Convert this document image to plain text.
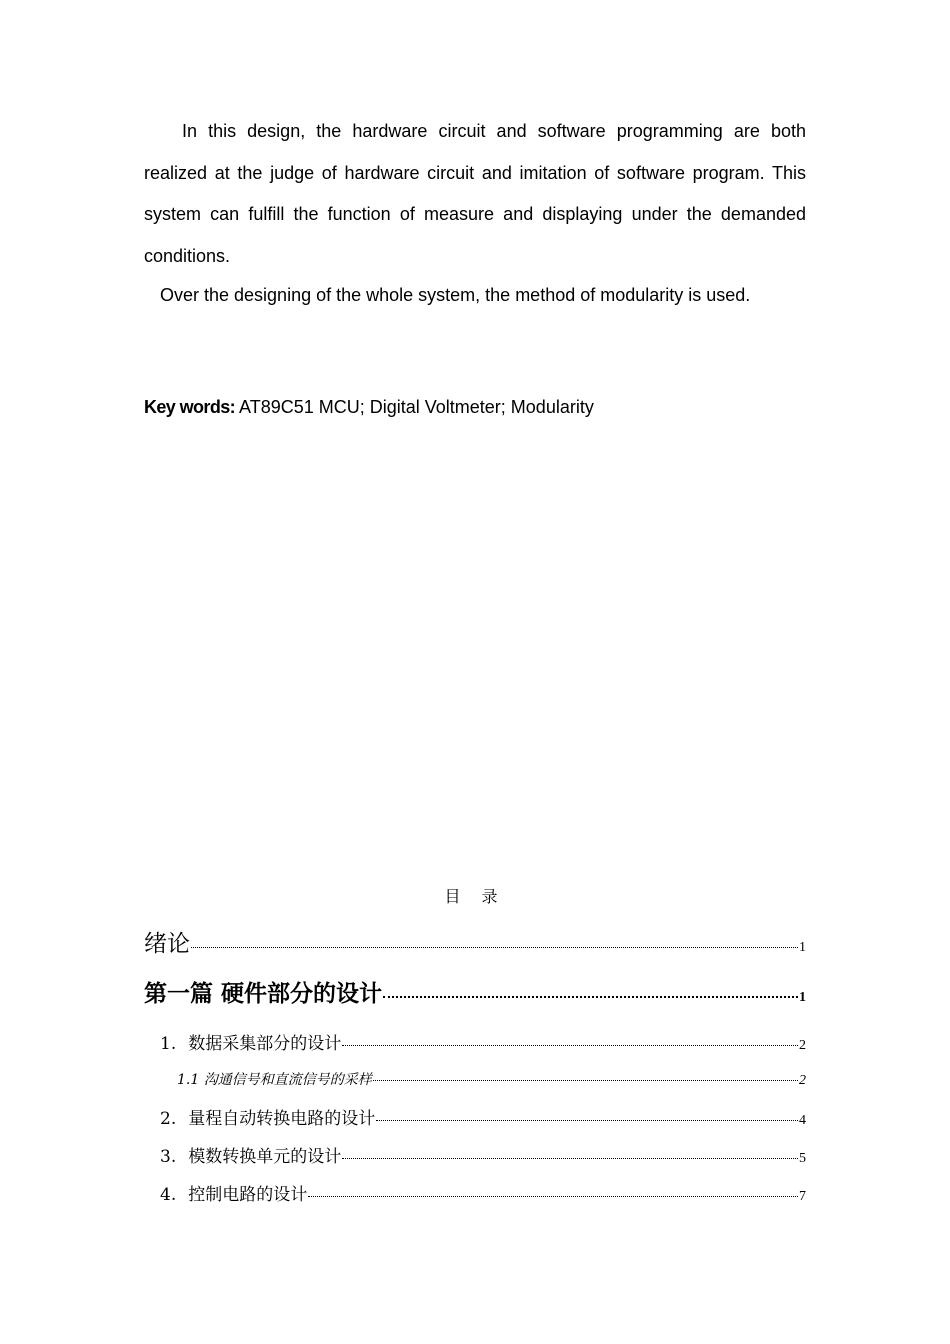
In this design, the hardware circuit and software programming are both realized at the judge of hardware circuit and imitation of software program. This system can fulfill the function of measure and displaying under the demanded conditions.

Over the designing of the whole system, the method of modularity is used.

Key words: AT89C51 MCU; Digital Voltmeter; Modularity
目 录
绪论	1
第一篇 硬件部分的设计	1
1. 数据采集部分的设计	2
1.1 沟通信号和直流信号的采样	2
2. 量程自动转换电路的设计	4
3. 模数转换单元的设计	5
4. 控制电路的设计	7
